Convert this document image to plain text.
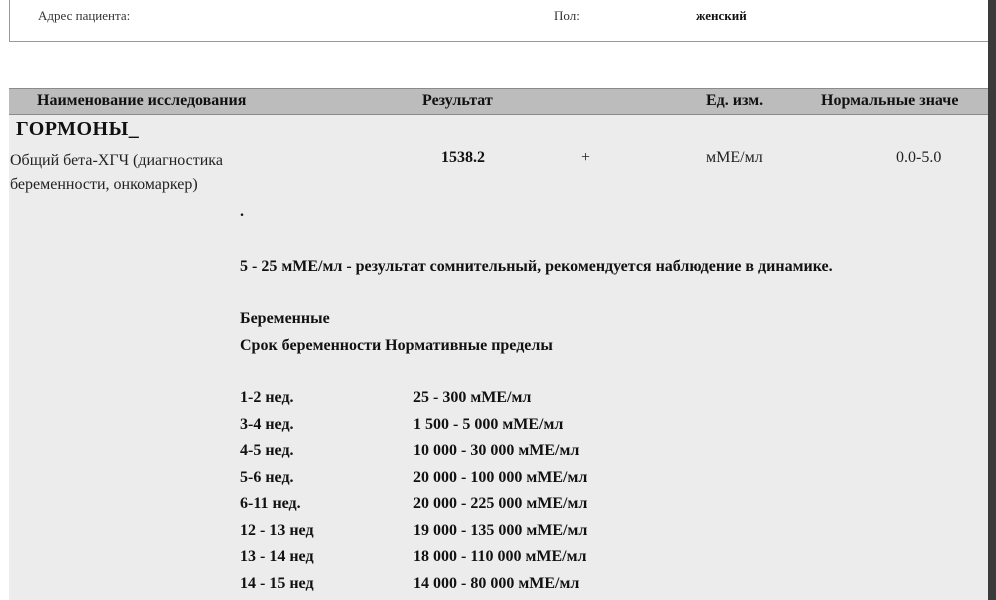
Адрес пациента:	Пол:	женский
Наименование исследования	Результат	Ед. изм.	Нормальные значе
ГОРМОНЫ_
Общий бета-ХГЧ (диагностика беременности, онкомаркер)
1538.2	+	мМЕ/мл	0.0-5.0
.
5 - 25 мМЕ/мл - результат сомнительный, рекомендуется наблюдение в динамике.
Беременные
Срок беременности Нормативные пределы
1-2 нед.	25 - 300 мМЕ/мл
3-4 нед.	1 500 - 5 000 мМЕ/мл
4-5 нед.	10 000 - 30 000 мМЕ/мл
5-6 нед.	20 000 - 100 000 мМЕ/мл
6-11 нед.	20 000 - 225 000 мМЕ/мл
12 - 13 нед	19 000 - 135 000 мМЕ/мл
13 - 14 нед	18 000 - 110 000 мМЕ/мл
14 - 15 нед	14 000 - 80 000 мМЕ/мл
